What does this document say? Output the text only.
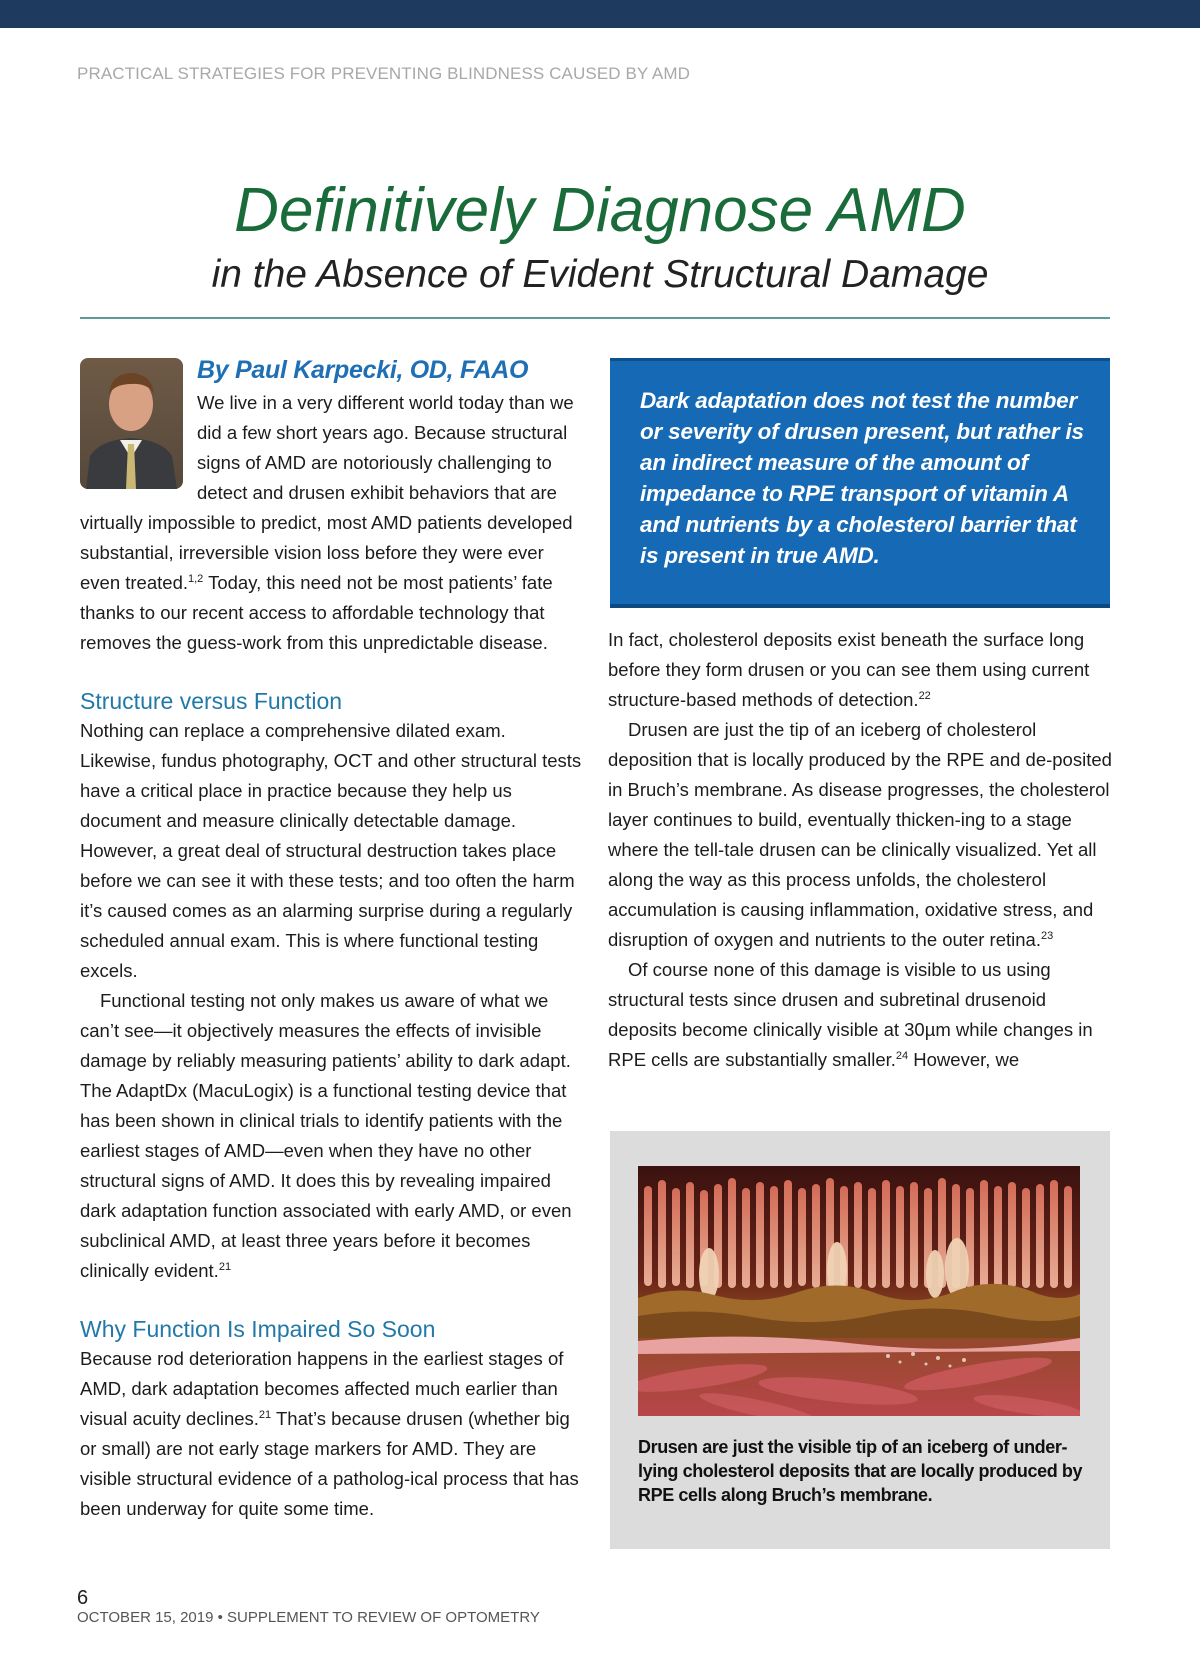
PRACTICAL STRATEGIES FOR PREVENTING BLINDNESS CAUSED BY AMD
Definitively Diagnose AMD
in the Absence of Evident Structural Damage
By Paul Karpecki, OD, FAAO

We live in a very different world today than we did a few short years ago. Because structural signs of AMD are notoriously challenging to detect and drusen exhibit behaviors that are virtually impossible to predict, most AMD patients developed substantial, irreversible vision loss before they were ever even treated.$^{1,2}$ Today, this need not be most patients’ fate thanks to our recent access to affordable technology that removes the guess-work from this unpredictable disease.

Structure versus Function

Nothing can replace a comprehensive dilated exam. Likewise, fundus photography, OCT and other structural tests have a critical place in practice because they help us document and measure clinically detectable damage. However, a great deal of structural destruction takes place before we can see it with these tests; and too often the harm it’s caused comes as an alarming surprise during a regularly scheduled annual exam. This is where functional testing excels.

Functional testing not only makes us aware of what we can’t see—it objectively measures the effects of invisible damage by reliably measuring patients’ ability to dark adapt. The AdaptDx (MacuLogix) is a functional testing device that has been shown in clinical trials to identify patients with the earliest stages of AMD—even when they have no other structural signs of AMD. It does this by revealing impaired dark adaptation function associated with early AMD, or even subclinical AMD, at least three years before it becomes clinically evident.$^{21}$

Why Function Is Impaired So Soon

Because rod deterioration happens in the earliest stages of AMD, dark adaptation becomes affected much earlier than visual acuity declines.$^{21}$ That’s because drusen (whether big or small) are not early stage markers for AMD. They are visible structural evidence of a patholog-ical process that has been underway for quite some time.

Dark adaptation does not test the number or severity of drusen present, but rather is an indirect measure of the amount of impedance to RPE transport of vitamin A and nutrients by a cholesterol barrier that is present in true AMD.

In fact, cholesterol deposits exist beneath the surface long before they form drusen or you can see them using current structure-based methods of detection.$^{22}$

Drusen are just the tip of an iceberg of cholesterol deposition that is locally produced by the RPE and de-posited in Bruch’s membrane. As disease progresses, the cholesterol layer continues to build, eventually thicken-ing to a stage where the tell-tale drusen can be clinically visualized. Yet all along the way as this process unfolds, the cholesterol accumulation is causing inflammation, oxidative stress, and disruption of oxygen and nutrients to the outer retina.$^{23}$

Of course none of this damage is visible to us using structural tests since drusen and subretinal drusenoid deposits become clinically visible at 30µm while changes in RPE cells are substantially smaller.$^{24}$ However, we

Drusen are just the visible tip of an iceberg of under-lying cholesterol deposits that are locally produced by RPE cells along Bruch’s membrane.
6
OCTOBER 15, 2019 • SUPPLEMENT TO REVIEW OF OPTOMETRY
